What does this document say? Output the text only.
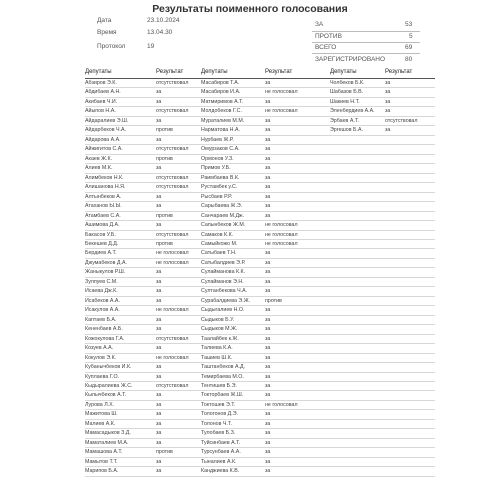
Результаты поименного голосования
Дата	23.10.2024
Время	13.04.30
Протокол	19
ЗА	53
ПРОТИВ	5
ВСЕГО	69
ЗАРЕГИСТРИРОВАНО	80
Депутаты	Результат	Депутаты	Результат	Депутаты	Результат
Абзиров Э.К.	отсутствовал	Масабиров Т.А.	за	Чолбеков Б.К.	за
Абдибаев А.Н.	за	Масабиров И.А.	не голосовал	Шабазов Б.В.	за
Акибаев Ч.И.	за	Матмиримов А.Т.	за	Шакиев Н.Т.	за
Айыпов Н.А.	отсутствовал	Молдобеков Г.С.	не голосовал	Эленбердиев А.А.	за
Айдаралиев Э.Ш.	за	Мураталиев М.М.	за	Эрбаев А.Т.	отсутствовал
Айдарбеков Ч.А.	против	Нарматова Н.А.	за	Эргешов Б.А.	за
Айдарова А.А.	за	Нурбаев Ж.Р.	за
Айжигитов С.А.	отсутствовал	Омурзаков С.А.	за
Акаев Ж.К.	против	Ормонов У.З.	за
Алиев М.К.	за	Примов У.Б.	за
Алимбеков Н.К.	отсутствовал	Раимбаева В.К.	за
Алишанова Н.Я.	отсутствовал	Рустамбек у.С.	за
Алтынбеков А.	за	Рысбаев Р.Р.	за
Атаханов Ы.Ы.	за	Сарыбаева Ж.Э.	за
Атамбаев С.А.	против	Санчараев М.Дж.	за
Ашимова Д.А.	за	Сапынбеков Ж.М.	не голосовал
Бакасов У.Б.	отсутствовал	Самаков К.К.	не голосовал
Бекешев Д.Д.	против	Самыйкожо М.	не голосовал
Бердиев А.Т.	не голосовал	Сатыбаев Т.Н.	за
Джумабеков Д.А.	не голосовал	Сатыбалдиев Э.Р.	за
Жаныкулов Р.Ш.	за	Сулайманова К.К.	за
Зулпуев С.М.	за	Сулайманов Э.Н.	за
Исаева Дж.К.	за	Султанбекова Ч.А.	за
Исабеков А.А.	за	Сурабалдиева Э.Ж.	против
Исакулов А.А.	не голосовал	Сыдыгалиев Н.О.	за
Каптаев Б.А.	за	Сыдыков Б.У.	за
Кененбаев А.Б.	за	Сыдыков М.Ж.	за
Кожокулова Г.А.	отсутствовал	Таалайбек к.Ж.	за
Козуев А.А.	за	Талиева К.А.	за
Кокулов Э.К.	не голосовал	Ташиев Ш.К.	за
Кубанычбеков И.К.	за	Таштанбеков А.Д.	за
Куплаева Г.О.	за	Темирбаева М.О.	за
Кыдыралиева Ж.С.	отсутствовал	Тентишев Б.Э.	за
Кылычбеков А.Т.	за	Токторбаев Ж.Ш.	за
Лурова Л.Х.	за	Токтошев Э.Т.	не голосовал
Мажитова Ш.	за	Тологонов Д.Э.	за
Малиев А.К.	за	Толонов Ч.Т.	за
Мамасадыков З.Д.	за	Тулобаев Б.З.	за
Маматалиев М.А.	за	Туйсинбаев А.Т.	за
Мамашова А.Т.	против	Турсунбаев А.А.	за
Мамытов Т.Т.	за	Тыналиев А.К.	за
Марипов Б.А.	за	Канджиева К.В.	за
